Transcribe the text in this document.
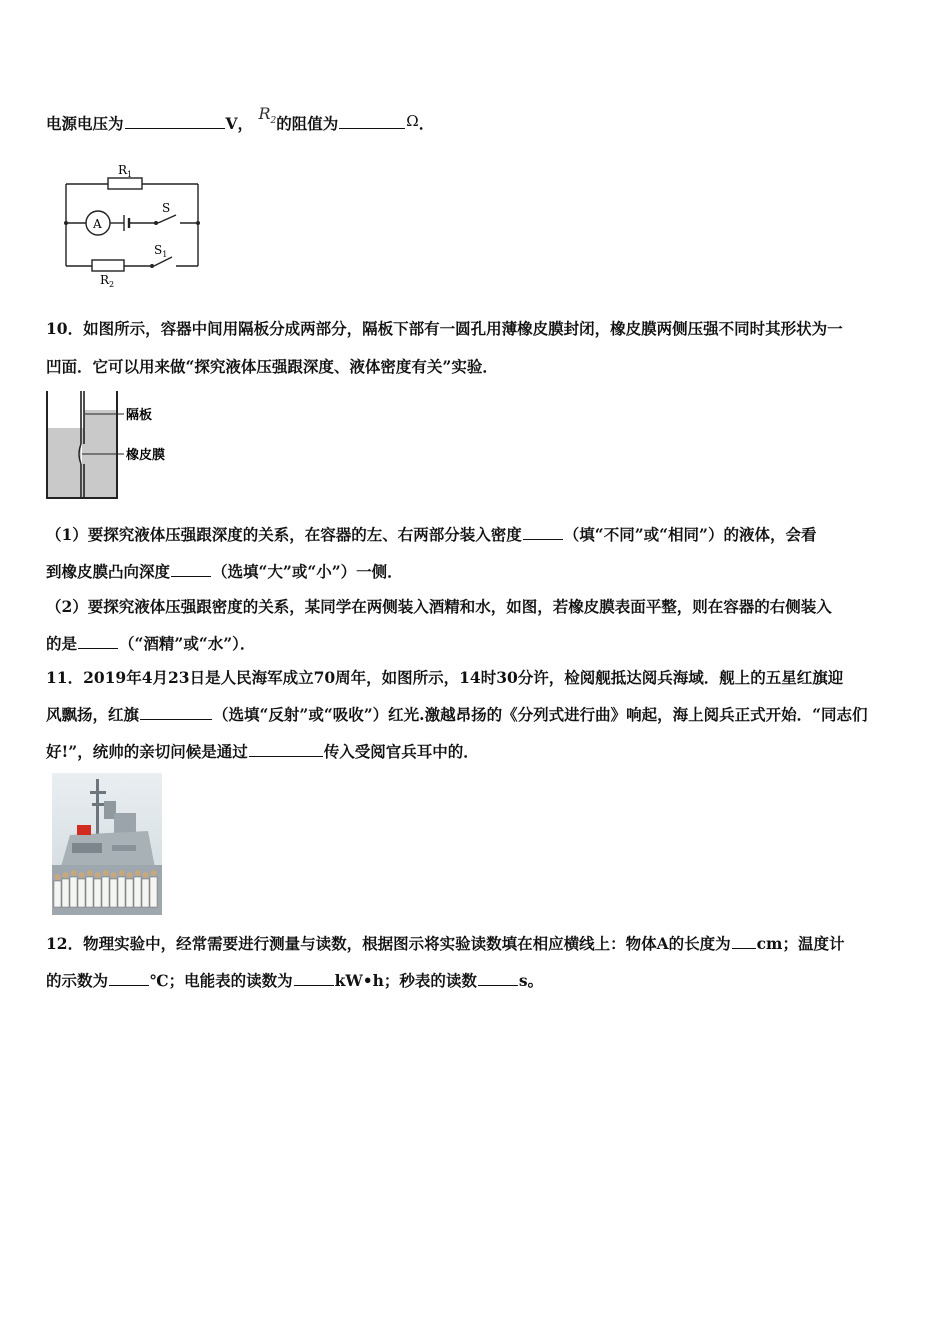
电源电压为	V， $R_2$的阻值为	Ω．
$R_1$
A
S
$S_1$
$R_2$
10．如图所示，容器中间用隔板分成两部分，隔板下部有一圆孔用薄橡皮膜封闭，橡皮膜两侧压强不同时其形状为一
凹面．它可以用来做“探究液体压强跟深度、液体密度有关”实验．
隔板
橡皮膜
（1）要探究液体压强跟深度的关系，在容器的左、右两部分装入密度	（填“不同”或“相同”）的液体，会看
到橡皮膜凸向深度	（选填“大”或“小”）一侧．
（2）要探究液体压强跟密度的关系，某同学在两侧装入酒精和水，如图，若橡皮膜表面平整，则在容器的右侧装入
的是	（“酒精”或“水”）．
11．2019年4月23日是人民海军成立70周年，如图所示，14时30分许，检阅舰抵达阅兵海域．舰上的五星红旗迎
风飘扬，红旗	（选填“反射”或“吸收”）红光.激越昂扬的《分列式进行曲》响起，海上阅兵正式开始．“同志们
好!”，统帅的亲切问候是通过	传入受阅官兵耳中的．
12．物理实验中，经常需要进行测量与读数，根据图示将实验读数填在相应横线上：物体A的长度为 cm；温度计
的示数为	℃；电能表的读数为	kW•h；秒表的读数	s。
